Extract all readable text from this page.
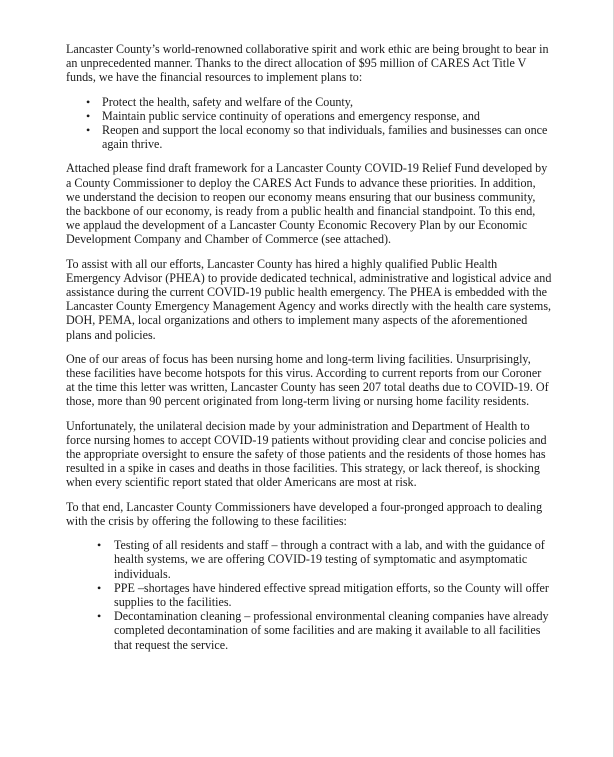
Lancaster County’s world-renowned collaborative spirit and work ethic are being brought to bear in an unprecedented manner. Thanks to the direct allocation of $95 million of CARES Act Title V funds, we have the financial resources to implement plans to:

• Protect the health, safety and welfare of the County,
• Maintain public service continuity of operations and emergency response, and
• Reopen and support the local economy so that individuals, families and businesses can once again thrive.

Attached please find draft framework for a Lancaster County COVID-19 Relief Fund developed by a County Commissioner to deploy the CARES Act Funds to advance these priorities. In addition, we understand the decision to reopen our economy means ensuring that our business community, the backbone of our economy, is ready from a public health and financial standpoint. To this end, we applaud the development of a Lancaster County Economic Recovery Plan by our Economic Development Company and Chamber of Commerce (see attached).

To assist with all our efforts, Lancaster County has hired a highly qualified Public Health Emergency Advisor (PHEA) to provide dedicated technical, administrative and logistical advice and assistance during the current COVID-19 public health emergency. The PHEA is embedded with the Lancaster County Emergency Management Agency and works directly with the health care systems, DOH, PEMA, local organizations and others to implement many aspects of the aforementioned plans and policies.

One of our areas of focus has been nursing home and long-term living facilities. Unsurprisingly, these facilities have become hotspots for this virus. According to current reports from our Coroner at the time this letter was written, Lancaster County has seen 207 total deaths due to COVID-19. Of those, more than 90 percent originated from long-term living or nursing home facility residents.

Unfortunately, the unilateral decision made by your administration and Department of Health to force nursing homes to accept COVID-19 patients without providing clear and concise policies and the appropriate oversight to ensure the safety of those patients and the residents of those homes has resulted in a spike in cases and deaths in those facilities. This strategy, or lack thereof, is shocking when every scientific report stated that older Americans are most at risk.

To that end, Lancaster County Commissioners have developed a four-pronged approach to dealing with the crisis by offering the following to these facilities:

• Testing of all residents and staff – through a contract with a lab, and with the guidance of health systems, we are offering COVID-19 testing of symptomatic and asymptomatic individuals.
• PPE –shortages have hindered effective spread mitigation efforts, so the County will offer supplies to the facilities.
• Decontamination cleaning – professional environmental cleaning companies have already completed decontamination of some facilities and are making it available to all facilities that request the service.
